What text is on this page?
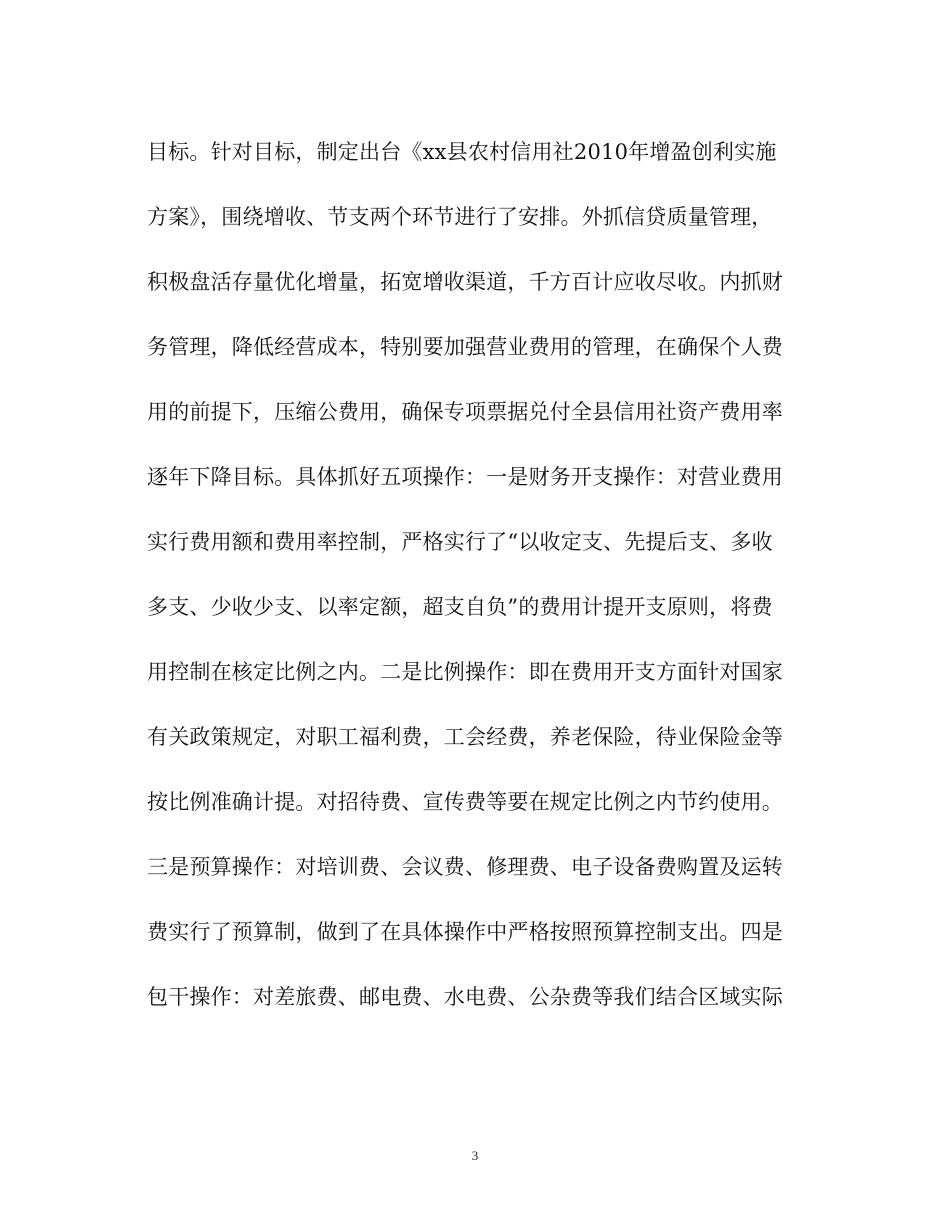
目标。针对目标，制定出台《xx县农村信用社2010年增盈创利实施
方案》，围绕增收、节支两个环节进行了安排。外抓信贷质量管理，
积极盘活存量优化增量，拓宽增收渠道，千方百计应收尽收。内抓财
务管理，降低经营成本，特别要加强营业费用的管理，在确保个人费
用的前提下，压缩公费用，确保专项票据兑付全县信用社资产费用率
逐年下降目标。具体抓好五项操作：一是财务开支操作：对营业费用
实行费用额和费用率控制，严格实行了“以收定支、先提后支、多收
多支、少收少支、以率定额，超支自负”的费用计提开支原则，将费
用控制在核定比例之内。二是比例操作：即在费用开支方面针对国家
有关政策规定，对职工福利费，工会经费，养老保险，待业保险金等
按比例准确计提。对招待费、宣传费等要在规定比例之内节约使用。
三是预算操作：对培训费、会议费、修理费、电子设备费购置及运转
费实行了预算制，做到了在具体操作中严格按照预算控制支出。四是
包干操作：对差旅费、邮电费、水电费、公杂费等我们结合区域实际
3
